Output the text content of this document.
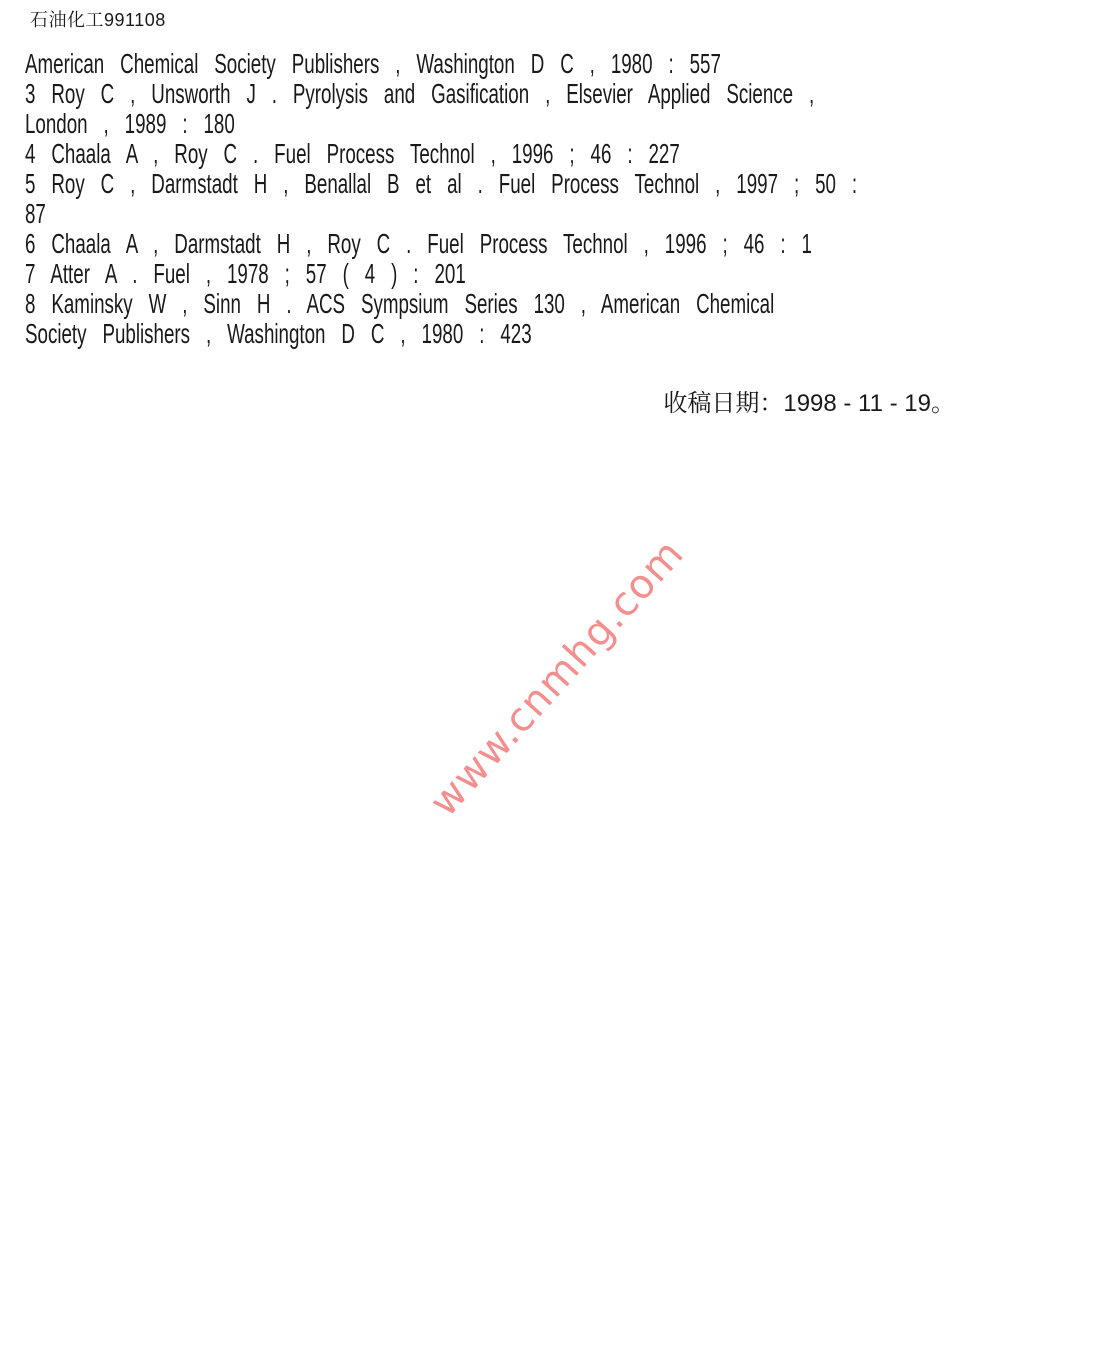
石油化工991108
American Chemical Society Publishers , Washington D C , 1980 : 557
3 Roy C , Unsworth J . Pyrolysis and Gasification , Elsevier Applied Science ,
London , 1989 : 180
4 Chaala A , Roy C . Fuel Process Technol , 1996 ; 46 : 227
5 Roy C , Darmstadt H , Benallal B et al . Fuel Process Technol , 1997 ; 50 :
87
6 Chaala A , Darmstadt H , Roy C . Fuel Process Technol , 1996 ; 46 : 1
7 Atter A . Fuel , 1978 ; 57 ( 4 ) : 201
8 Kaminsky W , Sinn H . ACS Sympsium Series 130 , American Chemical
Society Publishers , Washington D C , 1980 : 423
收稿日期：1998 - 11 - 19。
www.cnmhg.com
